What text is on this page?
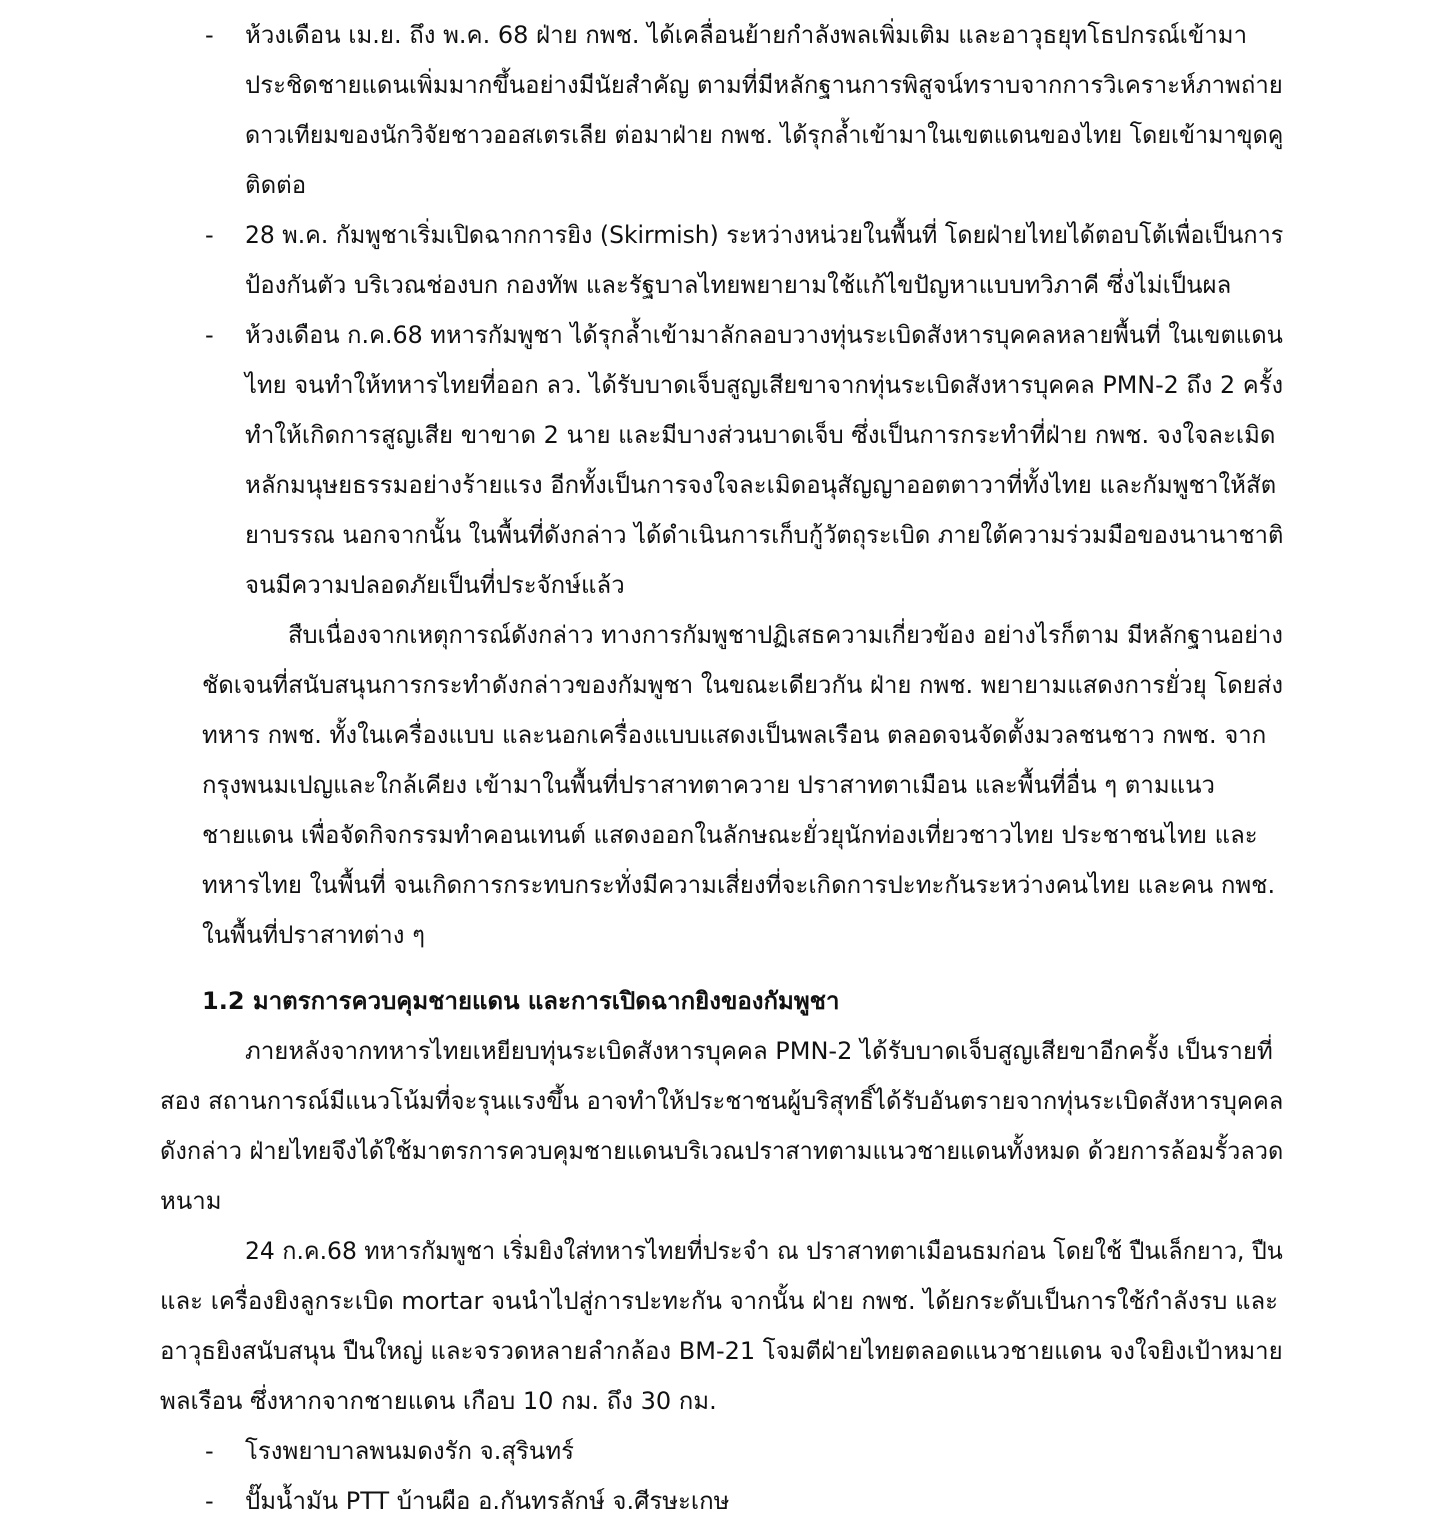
- ห้วงเดือน เม.ย. ถึง พ.ค. 68 ฝ่าย กพช. ได้เคลื่อนย้ายกำลังพลเพิ่มเติม และอาวุธยุทโธปกรณ์เข้ามา
ประชิดชายแดนเพิ่มมากขึ้นอย่างมีนัยสำคัญ ตามที่มีหลักฐานการพิสูจน์ทราบจากการวิเคราะห์ภาพถ่าย
ดาวเทียมของนักวิจัยชาวออสเตรเลีย ต่อมาฝ่าย กพช. ได้รุกล้ำเข้ามาในเขตแดนของไทย โดยเข้ามาขุดคู
ติดต่อ
- 28 พ.ค. กัมพูชาเริ่มเปิดฉากการยิง (Skirmish) ระหว่างหน่วยในพื้นที่ โดยฝ่ายไทยได้ตอบโต้เพื่อเป็นการ
ป้องกันตัว บริเวณช่องบก กองทัพ และรัฐบาลไทยพยายามใช้แก้ไขปัญหาแบบทวิภาคี ซึ่งไม่เป็นผล
- ห้วงเดือน ก.ค.68 ทหารกัมพูชา ได้รุกล้ำเข้ามาลักลอบวางทุ่นระเบิดสังหารบุคคลหลายพื้นที่ ในเขตแดน
ไทย จนทำให้ทหารไทยที่ออก ลว. ได้รับบาดเจ็บสูญเสียขาจากทุ่นระเบิดสังหารบุคคล PMN-2 ถึง 2 ครั้ง
ทำให้เกิดการสูญเสีย ขาขาด 2 นาย และมีบางส่วนบาดเจ็บ ซึ่งเป็นการกระทำที่ฝ่าย กพช. จงใจละเมิด
หลักมนุษยธรรมอย่างร้ายแรง อีกทั้งเป็นการจงใจละเมิดอนุสัญญาออตตาวาที่ทั้งไทย และกัมพูชาให้สัต
ยาบรรณ นอกจากนั้น ในพื้นที่ดังกล่าว ได้ดำเนินการเก็บกู้วัตถุระเบิด ภายใต้ความร่วมมือของนานาชาติ
จนมีความปลอดภัยเป็นที่ประจักษ์แล้ว
สืบเนื่องจากเหตุการณ์ดังกล่าว ทางการกัมพูชาปฏิเสธความเกี่ยวข้อง อย่างไรก็ตาม มีหลักฐานอย่าง
ชัดเจนที่สนับสนุนการกระทำดังกล่าวของกัมพูชา ในขณะเดียวกัน ฝ่าย กพช. พยายามแสดงการยั่วยุ โดยส่ง
ทหาร กพช. ทั้งในเครื่องแบบ และนอกเครื่องแบบแสดงเป็นพลเรือน ตลอดจนจัดตั้งมวลชนชาว กพช. จาก
กรุงพนมเปญและใกล้เคียง เข้ามาในพื้นที่ปราสาทตาควาย ปราสาทตาเมือน และพื้นที่อื่น ๆ ตามแนว
ชายแดน เพื่อจัดกิจกรรมทำคอนเทนต์ แสดงออกในลักษณะยั่วยุนักท่องเที่ยวชาวไทย ประชาชนไทย และ
ทหารไทย ในพื้นที่ จนเกิดการกระทบกระทั่งมีความเสี่ยงที่จะเกิดการปะทะกันระหว่างคนไทย และคน กพช.
ในพื้นที่ปราสาทต่าง ๆ
1.2 มาตรการควบคุมชายแดน และการเปิดฉากยิงของกัมพูชา
ภายหลังจากทหารไทยเหยียบทุ่นระเบิดสังหารบุคคล PMN-2 ได้รับบาดเจ็บสูญเสียขาอีกครั้ง เป็นรายที่
สอง สถานการณ์มีแนวโน้มที่จะรุนแรงขึ้น อาจทำให้ประชาชนผู้บริสุทธิ์ได้รับอันตรายจากทุ่นระเบิดสังหารบุคคล
ดังกล่าว ฝ่ายไทยจึงได้ใช้มาตรการควบคุมชายแดนบริเวณปราสาทตามแนวชายแดนทั้งหมด ด้วยการล้อมรั้วลวด
หนาม
24 ก.ค.68 ทหารกัมพูชา เริ่มยิงใส่ทหารไทยที่ประจำ ณ ปราสาทตาเมือนธมก่อน โดยใช้ ปืนเล็กยาว, ปืน
และ เครื่องยิงลูกระเบิด mortar จนนำไปสู่การปะทะกัน จากนั้น ฝ่าย กพช. ได้ยกระดับเป็นการใช้กำลังรบ และ
อาวุธยิงสนับสนุน ปืนใหญ่ และจรวดหลายลำกล้อง BM-21 โจมตีฝ่ายไทยตลอดแนวชายแดน จงใจยิงเป้าหมาย
พลเรือน ซึ่งหากจากชายแดน เกือบ 10 กม. ถึง 30 กม.
- โรงพยาบาลพนมดงรัก จ.สุรินทร์
- ปั๊มน้ำมัน PTT บ้านผือ อ.กันทรลักษ์ จ.ศีรษะเกษ
